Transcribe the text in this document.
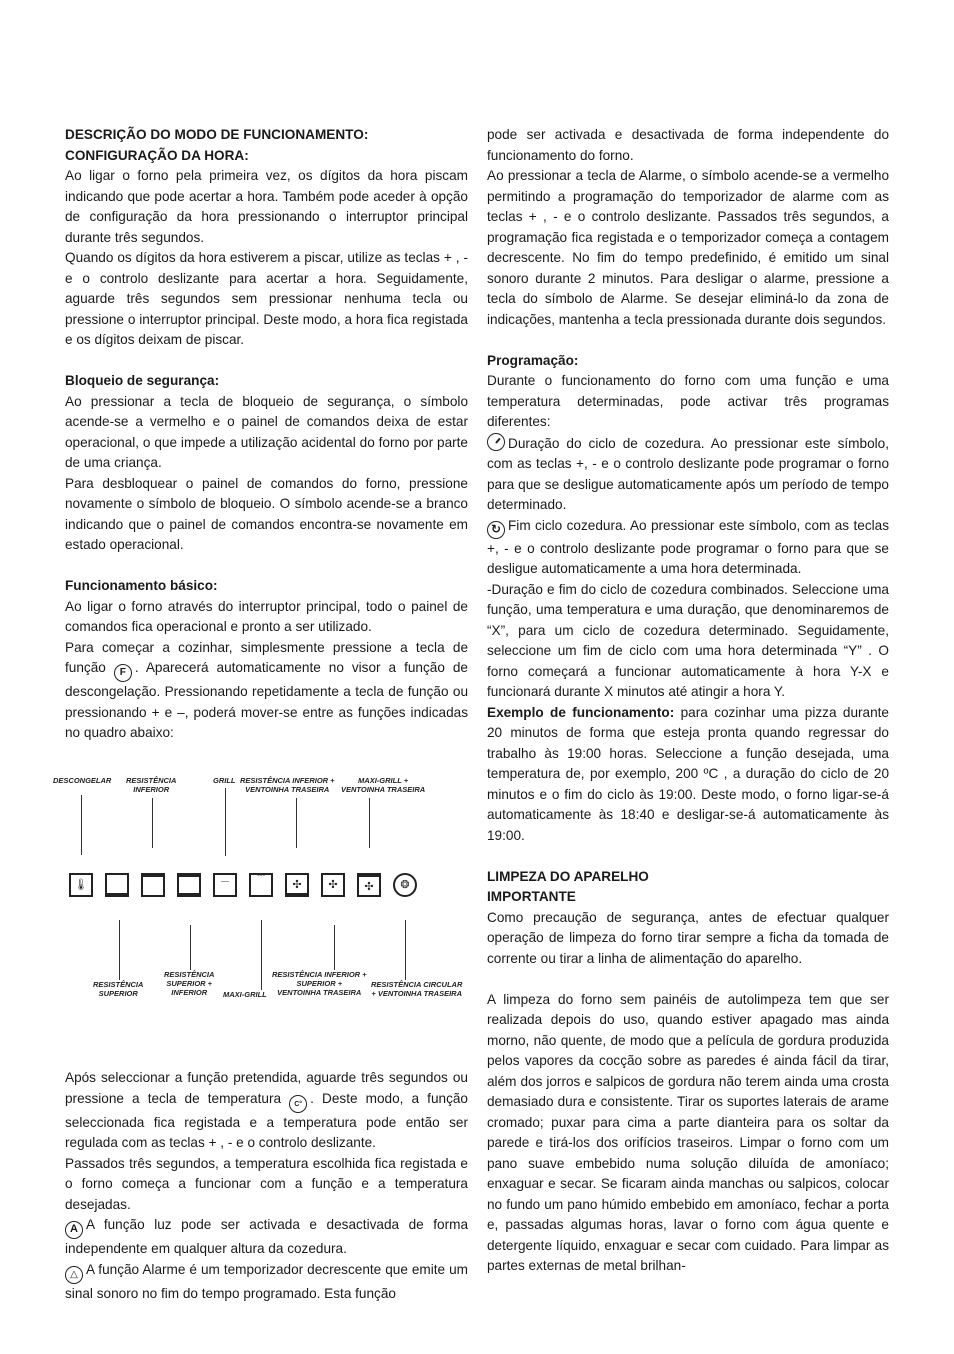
DESCRIÇÃO DO MODO DE FUNCIONAMENTO:

CONFIGURAÇÃO DA HORA:

Ao ligar o forno pela primeira vez, os dígitos da hora piscam indicando que pode acertar a hora. Também pode aceder à opção de configuração da hora pressionando o interruptor principal durante três segundos.

Quando os dígitos da hora estiverem a piscar, utilize as teclas + , - e o controlo deslizante para acertar a hora. Seguidamente, aguarde três segundos sem pressionar nenhuma tecla ou pressione o interruptor principal. Deste modo, a hora fica registada e os dígitos deixam de piscar.

Bloqueio de segurança:

Ao pressionar a tecla de bloqueio de segurança, o símbolo acende-se a vermelho e o painel de comandos deixa de estar operacional, o que impede a utilização acidental do forno por parte de uma criança.

Para desbloquear o painel de comandos do forno, pressione novamente o símbolo de bloqueio. O símbolo acende-se a branco indicando que o painel de comandos encontra-se novamente em estado operacional.

Funcionamento básico:

Ao ligar o forno através do interruptor principal, todo o painel de comandos fica operacional e pronto a ser utilizado.

Para começar a cozinhar, simplesmente pressione a tecla de função F . Aparecerá automaticamente no visor a função de descongelação. Pressionando repetidamente a tecla de função ou pressionando + e –, poderá mover-se entre as funções indicadas no quadro abaixo:

DESCONGELAR RESISTÊNCIA
INFERIOR
GRILL RESISTÊNCIA INFERIOR +
VENTOINHA TRASEIRA
MAXI-GRILL +
VENTOINHA TRASEIRA
🌡
﹏	﹌
✣	✣	✣	❂
RESISTÊNCIA
SUPERIOR
RESISTÊNCIA
SUPERIOR +
INFERIOR	MAXI-GRILL
RESISTÊNCIA INFERIOR +
SUPERIOR +
VENTOINHA TRASEIRA
RESISTÊNCIA CIRCULAR
+ VENTOINHA TRASEIRA

Após seleccionar a função pretendida, aguarde três segundos ou pressione a tecla de temperatura C° . Deste modo, a função seleccionada fica registada e a temperatura pode então ser regulada com as teclas + , - e o controlo deslizante.

Passados três segundos, a temperatura escolhida fica registada e o forno começa a funcionar com a função e a temperatura desejadas.

AA função luz pode ser activada e desactivada de forma independente em qualquer altura da cozedura.

△A função Alarme é um temporizador decrescente que emite um sinal sonoro no fim do tempo programado. Esta função

pode ser activada e desactivada de forma independente do funcionamento do forno.

Ao pressionar a tecla de Alarme, o símbolo acende-se a vermelho permitindo a programação do temporizador de alarme com as teclas + , - e o controlo deslizante. Passados três segundos, a programação fica registada e o temporizador começa a contagem decrescente. No fim do tempo predefinido, é emitido um sinal sonoro durante 2 minutos. Para desligar o alarme, pressione a tecla do símbolo de Alarme. Se desejar eliminá-lo da zona de indicações, mantenha a tecla pressionada durante dois segundos.

Programação:

Durante o funcionamento do forno com uma função e uma temperatura determinadas, pode activar três programas diferentes:

Duração do ciclo de cozedura. Ao pressionar este símbolo, com as teclas +, - e o controlo deslizante pode programar o forno para que se desligue automaticamente após um período de tempo determinado.

↻Fim ciclo cozedura. Ao pressionar este símbolo, com as teclas +, - e o controlo deslizante pode programar o forno para que se desligue automaticamente a uma hora determinada.

-Duração e fim do ciclo de cozedura combinados. Seleccione uma função, uma temperatura e uma duração, que denominaremos de “X”, para um ciclo de cozedura determinado. Seguidamente, seleccione um fim de ciclo com uma hora determinada “Y” . O forno começará a funcionar automaticamente à hora Y-X e funcionará durante X minutos até atingir a hora Y.

Exemplo de funcionamento: para cozinhar uma pizza durante 20 minutos de forma que esteja pronta quando regressar do trabalho às 19:00 horas. Seleccione a função desejada, uma temperatura de, por exemplo, 200 ºC , a duração do ciclo de 20 minutos e o fim do ciclo às 19:00. Deste modo, o forno ligar-se-á automaticamente às 18:40 e desligar-se-á automaticamente às 19:00.

LIMPEZA DO APARELHO

IMPORTANTE

Como precaução de segurança, antes de efectuar qualquer operação de limpeza do forno tirar sempre a ficha da tomada de corrente ou tirar a linha de alimentação do aparelho.

A limpeza do forno sem painéis de autolimpeza tem que ser realizada depois do uso, quando estiver apagado mas ainda morno, não quente, de modo que a película de gordura produzida pelos vapores da cocção sobre as paredes é ainda fácil da tirar, além dos jorros e salpicos de gordura não terem ainda uma crosta demasiado dura e consistente. Tirar os suportes laterais de arame cromado; puxar para cima a parte dianteira para os soltar da parede e tirá-los dos orifícios traseiros. Limpar o forno com um pano suave embebido numa solução diluída de amoníaco; enxaguar e secar. Se ficaram ainda manchas ou salpicos, colocar no fundo um pano húmido embebido em amoníaco, fechar a porta e, passadas algumas horas, lavar o forno com água quente e detergente líquido, enxaguar e secar com cuidado. Para limpar as partes externas de metal brilhan-
